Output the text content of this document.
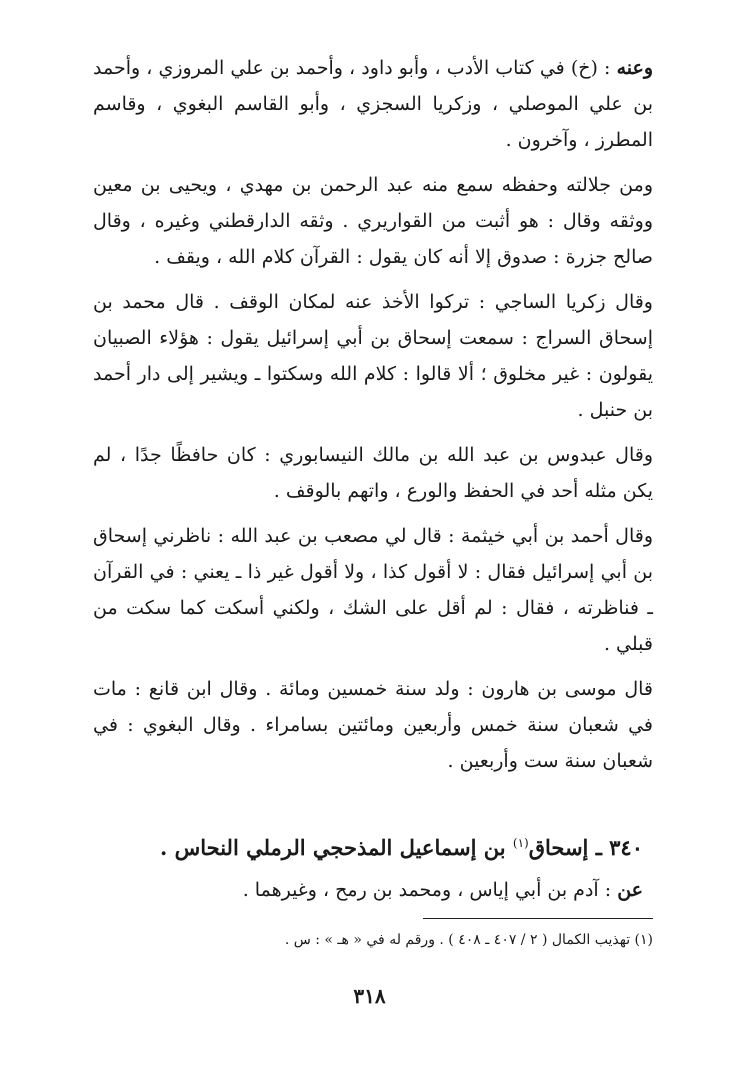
وعنه : (خ) في كتاب الأدب ، وأبو داود ، وأحمد بن علي المروزي ، وأحمد بن علي الموصلي ، وزكريا السجزي ، وأبو القاسم البغوي ، وقاسم المطرز ، وآخرون .

ومن جلالته وحفظه سمع منه عبد الرحمن بن مهدي ، ويحيى بن معين ووثقه وقال : هو أثبت من القواريري . وثقه الدارقطني وغيره ، وقال صالح جزرة : صدوق إلا أنه كان يقول : القرآن كلام الله ، ويقف .

وقال زكريا الساجي : تركوا الأخذ عنه لمكان الوقف . قال محمد بن إسحاق السراج : سمعت إسحاق بن أبي إسرائيل يقول : هؤلاء الصبيان يقولون : غير مخلوق ؛ ألا قالوا : كلام الله وسكتوا ـ ويشير إلى دار أحمد بن حنبل .

وقال عبدوس بن عبد الله بن مالك النيسابوري : كان حافظًا جدًا ، لم يكن مثله أحد في الحفظ والورع ، واتهم بالوقف .

وقال أحمد بن أبي خيثمة : قال لي مصعب بن عبد الله : ناظرني إسحاق بن أبي إسرائيل فقال : لا أقول كذا ، ولا أقول غير ذا ـ يعني : في القرآن ـ فناظرته ، فقال : لم أقل على الشك ، ولكني أسكت كما سكت من قبلي .

قال موسى بن هارون : ولد سنة خمسين ومائة . وقال ابن قانع : مات في شعبان سنة خمس وأربعين ومائتين بسامراء . وقال البغوي : في شعبان سنة ست وأربعين .

٣٤٠ ـ إسحاق$^{(١)}$ بن إسماعيل المذحجي الرملي النحاس .
عن : آدم بن أبي إياس ، ومحمد بن رمح ، وغيرهما .
(١) تهذيب الكمال ( ٢ / ٤٠٧ ـ ٤٠٨ ) . ورقم له في « هـ » : س .
٣١٨
